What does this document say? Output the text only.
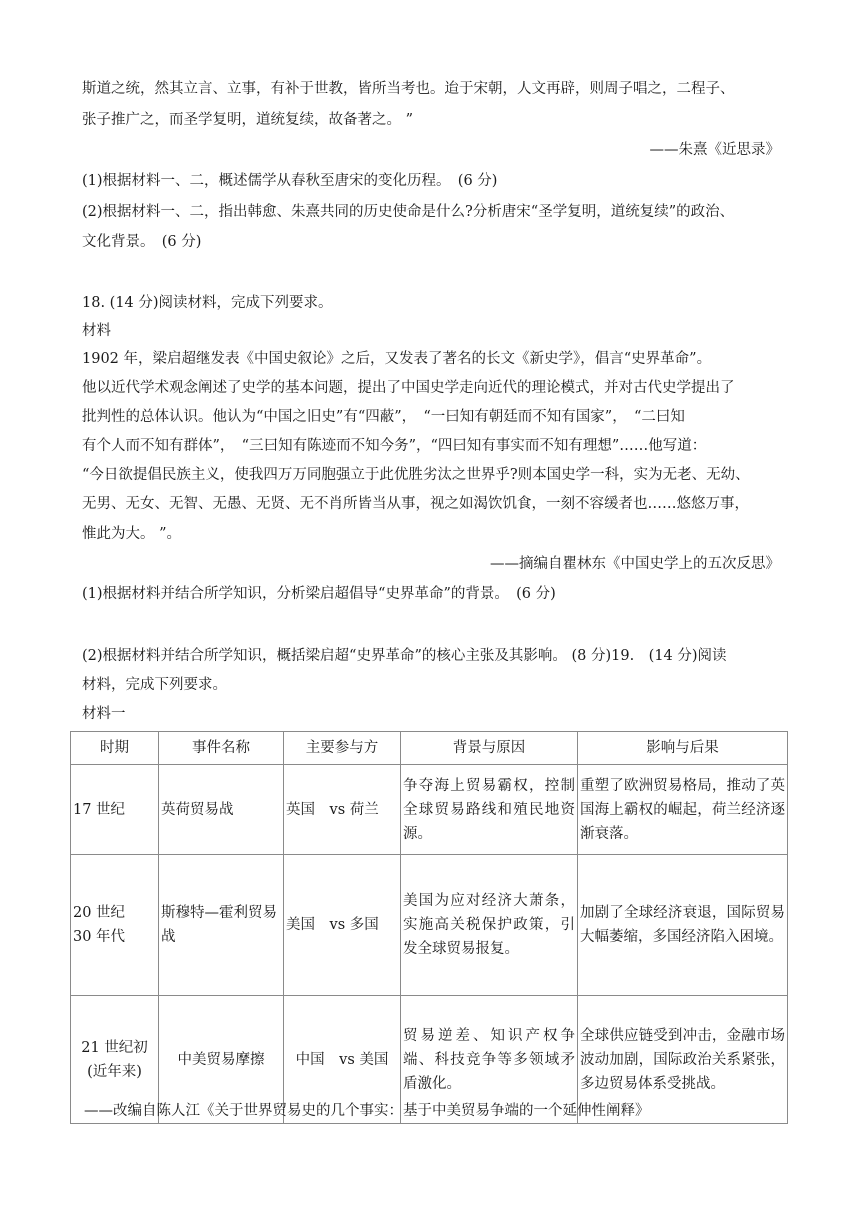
斯道之统，然其立言、立事，有补于世教，皆所当考也。迨于宋朝，人文再辟，则周子唱之，二程子、
张子推广之，而圣学复明，道统复续，故备著之。 ”
——朱熹《近思录》
(1)根据材料一、二，概述儒学从春秋至唐宋的变化历程。　(6 分)
(2)根据材料一、二，指出韩愈、朱熹共同的历史使命是什么?分析唐宋“圣学复明，道统复续”的政治、
文化背景。　(6 分)
18. (14 分)阅读材料，完成下列要求。
材料
1902 年，梁启超继发表《中国史叙论》之后，又发表了著名的长文《新史学》，倡言“史界革命”。
他以近代学术观念阐述了史学的基本问题，提出了中国史学走向近代的理论模式，并对古代史学提出了
批判性的总体认识。他认为“中国之旧史”有“四蔽”，　“一曰知有朝廷而不知有国家”，　“二曰知
有个人而不知有群体”，　“三曰知有陈迹而不知今务”，“四曰知有事实而不知有理想”……他写道：
“今日欲提倡民族主义，使我四万万同胞强立于此优胜劣汰之世界乎?则本国史学一科，实为无老、无幼、
无男、无女、无智、无愚、无贤、无不肖所皆当从事，视之如渴饮饥食，一刻不容缓者也……悠悠万事，
惟此为大。 ”。
——摘编自瞿林东《中国史学上的五次反思》
(1)根据材料并结合所学知识，分析梁启超倡导“史界革命”的背景。　(6 分)
(2)根据材料并结合所学知识，概括梁启超“史界革命”的核心主张及其影响。 (8 分)19.　(14 分)阅读
材料，完成下列要求。
材料一
时期	事件名称	主要参与方	背景与原因	影响与后果
17 世纪	英荷贸易战	英国　vs 荷兰	争夺海上贸易霸权，控制全球贸易路线和殖民地资源。	重塑了欧洲贸易格局，推动了英国海上霸权的崛起，荷兰经济逐渐衰落。
20 世纪
30 年代	斯穆特—霍利贸易战	美国　vs 多国	美国为应对经济大萧条，实施高关税保护政策，引发全球贸易报复。	加剧了全球经济衰退，国际贸易大幅萎缩，多国经济陷入困境。
21 世纪初(近年来)	中美贸易摩擦	中国　vs 美国	贸易逆差、知识产权争端、科技竞争等多领域矛盾激化。	全球供应链受到冲击，金融市场波动加剧，国际政治关系紧张，多边贸易体系受挑战。
——改编自陈人江《关于世界贸易史的几个事实：基于中美贸易争端的一个延伸性阐释》
